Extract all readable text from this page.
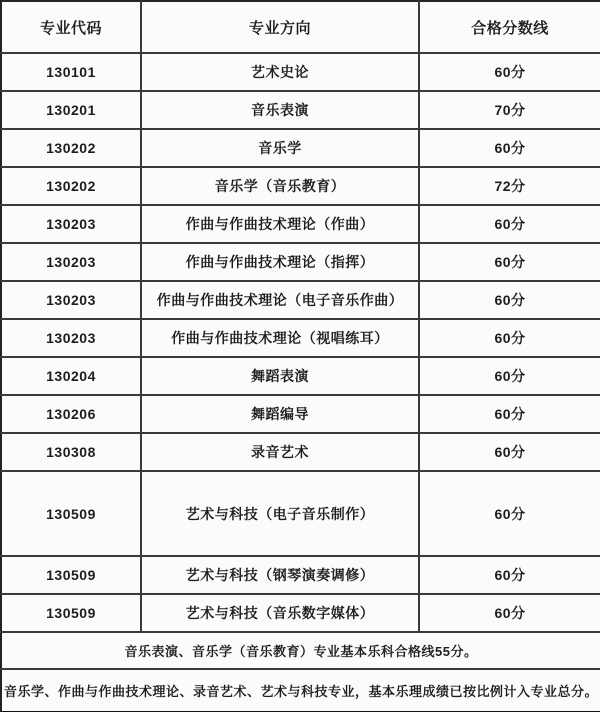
专业代码	专业方向	合格分数线
130101	艺术史论	60分
130201	音乐表演	70分
130202	音乐学	60分
130202	音乐学（音乐教育）	72分
130203	作曲与作曲技术理论（作曲）	60分
130203	作曲与作曲技术理论（指挥）	60分
130203	作曲与作曲技术理论（电子音乐作曲）	60分
130203	作曲与作曲技术理论（视唱练耳）	60分
130204	舞蹈表演	60分
130206	舞蹈编导	60分
130308	录音艺术	60分
130509	艺术与科技（电子音乐制作）	60分
130509	艺术与科技（钢琴演奏调修）	60分
130509	艺术与科技（音乐数字媒体）	60分
音乐表演、音乐学（音乐教育）专业基本乐科合格线55分。		
音乐学、作曲与作曲技术理论、录音艺术、艺术与科技专业，基本乐理成绩已按比例计入专业总分。		
